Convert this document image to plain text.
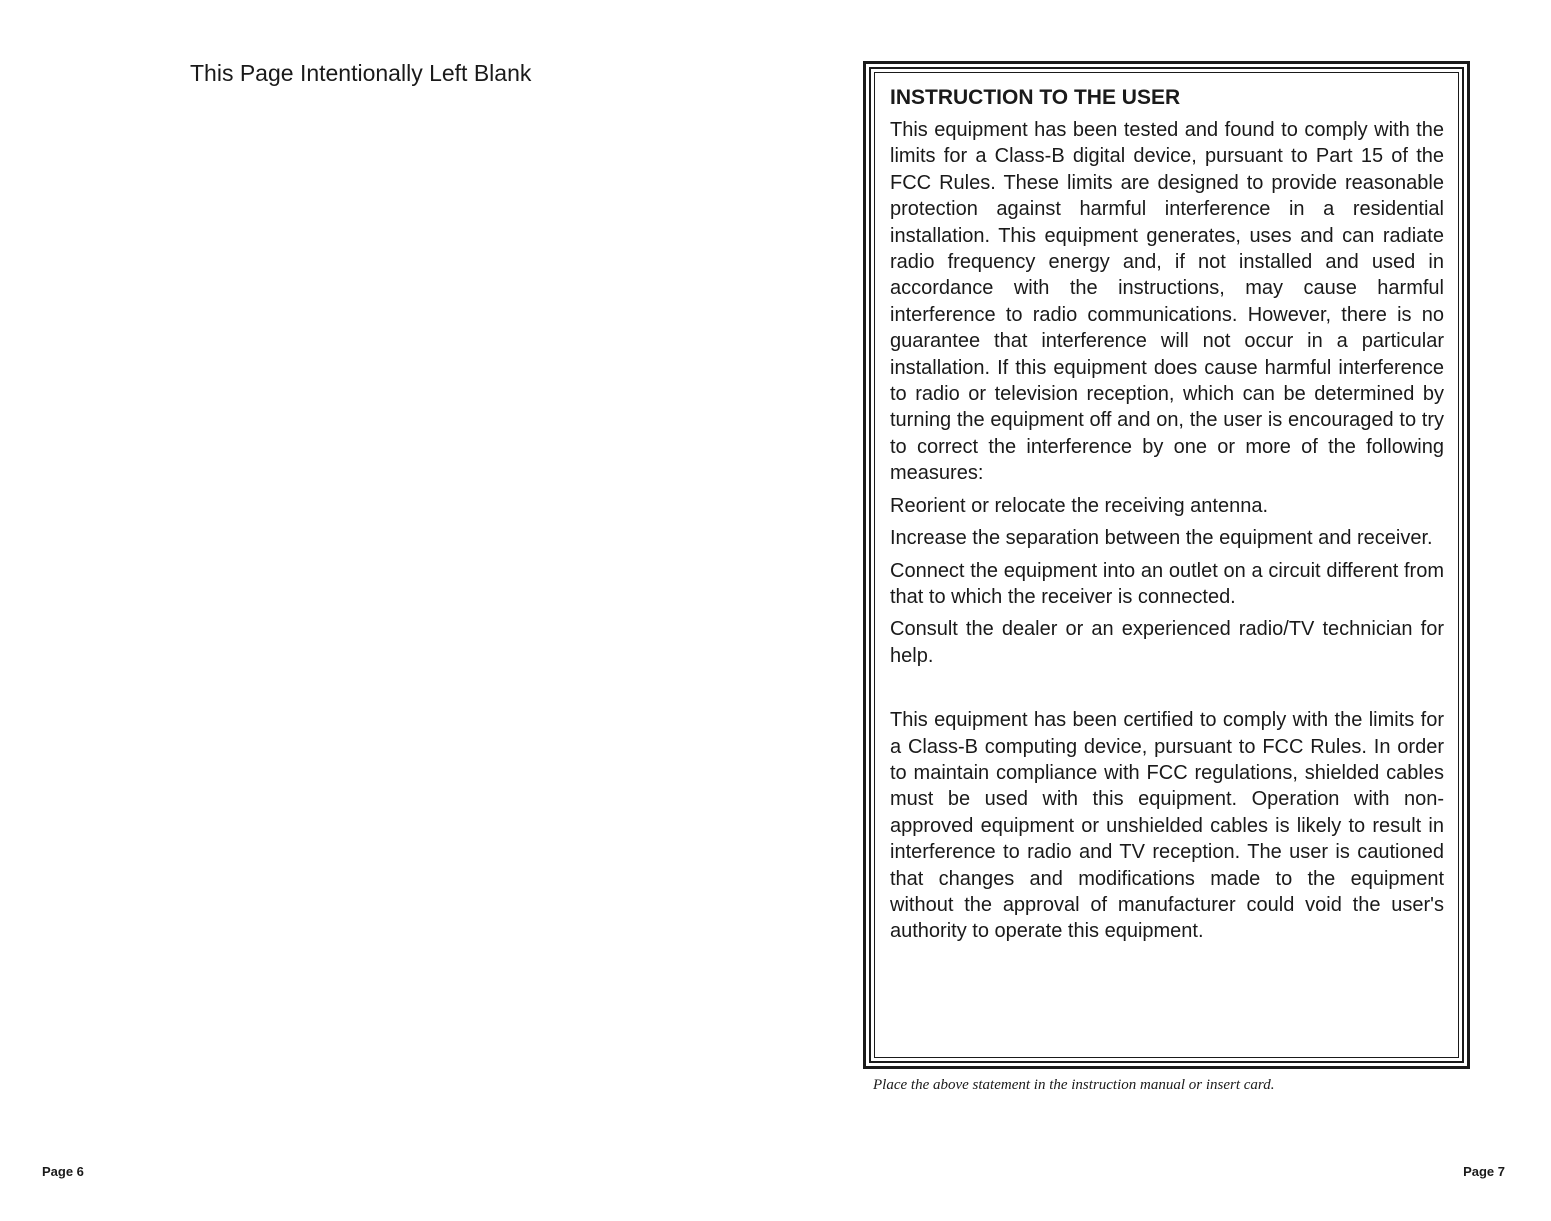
This Page Intentionally Left Blank
Page 6
INSTRUCTION TO THE USER

This equipment has been tested and found to comply with the limits for a Class-B digital device, pursuant to Part 15 of the FCC Rules. These limits are designed to provide reasonable protection against harmful interference in a residential installation. This equipment generates, uses and can radiate radio frequency energy and, if not installed and used in accordance with the instructions, may cause harmful interference to radio communications. However, there is no guarantee that interference will not occur in a particular installation. If this equipment does cause harmful interference to radio or television reception, which can be determined by turning the equipment off and on, the user is encouraged to try to correct the interference by one or more of the following measures:

Reorient or relocate the receiving antenna.

Increase the separation between the equipment and receiver.

Connect the equipment into an outlet on a circuit different from that to which the receiver is connected.

Consult the dealer or an experienced radio/TV technician for help.

This equipment has been certified to comply with the limits for a Class-B computing device, pursuant to FCC Rules. In order to maintain compliance with FCC regulations, shielded cables must be used with this equipment. Operation with non-approved equipment or unshielded cables is likely to result in interference to radio and TV reception. The user is cautioned that changes and modifications made to the equipment without the approval of manufacturer could void the user's authority to operate this equipment.

Place the above statement in the instruction manual or insert card.
Page 7
